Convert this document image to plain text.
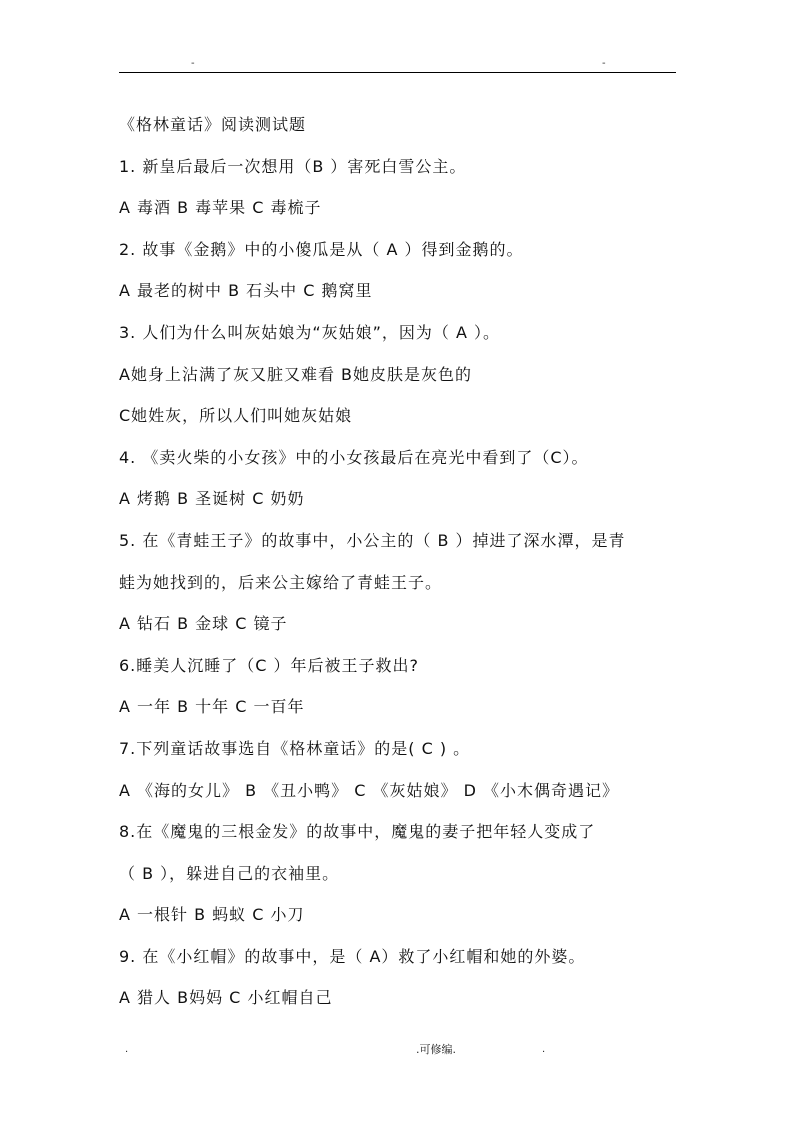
-	-
《格林童话》阅读测试题
1. 新皇后最后一次想用（B ）害死白雪公主。
A 毒酒 B 毒苹果 C 毒梳子
2. 故事《金鹅》中的小傻瓜是从（ A ）得到金鹅的。
A 最老的树中 B 石头中 C 鹅窝里
3. 人们为什么叫灰姑娘为“灰姑娘”，因为（ A ）。
A她身上沾满了灰又脏又难看 B她皮肤是灰色的
C她姓灰，所以人们叫她灰姑娘
4. 《卖火柴的小女孩》中的小女孩最后在亮光中看到了（C）。
A 烤鹅 B 圣诞树 C 奶奶
5. 在《青蛙王子》的故事中，小公主的（ B ）掉进了深水潭，是青
蛙为她找到的，后来公主嫁给了青蛙王子。
A 钻石 B 金球 C 镜子
6.睡美人沉睡了（C ）年后被王子救出?
A 一年 B 十年 C 一百年
7.下列童话故事选自《格林童话》的是( C ) 。
A 《海的女儿》 B 《丑小鸭》 C 《灰姑娘》 D 《小木偶奇遇记》
8.在《魔鬼的三根金发》的故事中，魔鬼的妻子把年轻人变成了
（ B ），躲进自己的衣袖里。
A 一根针 B 蚂蚁 C 小刀
9. 在《小红帽》的故事中，是（ A）救了小红帽和她的外婆。
A 猎人 B妈妈 C 小红帽自己
.	.可修编.	.
